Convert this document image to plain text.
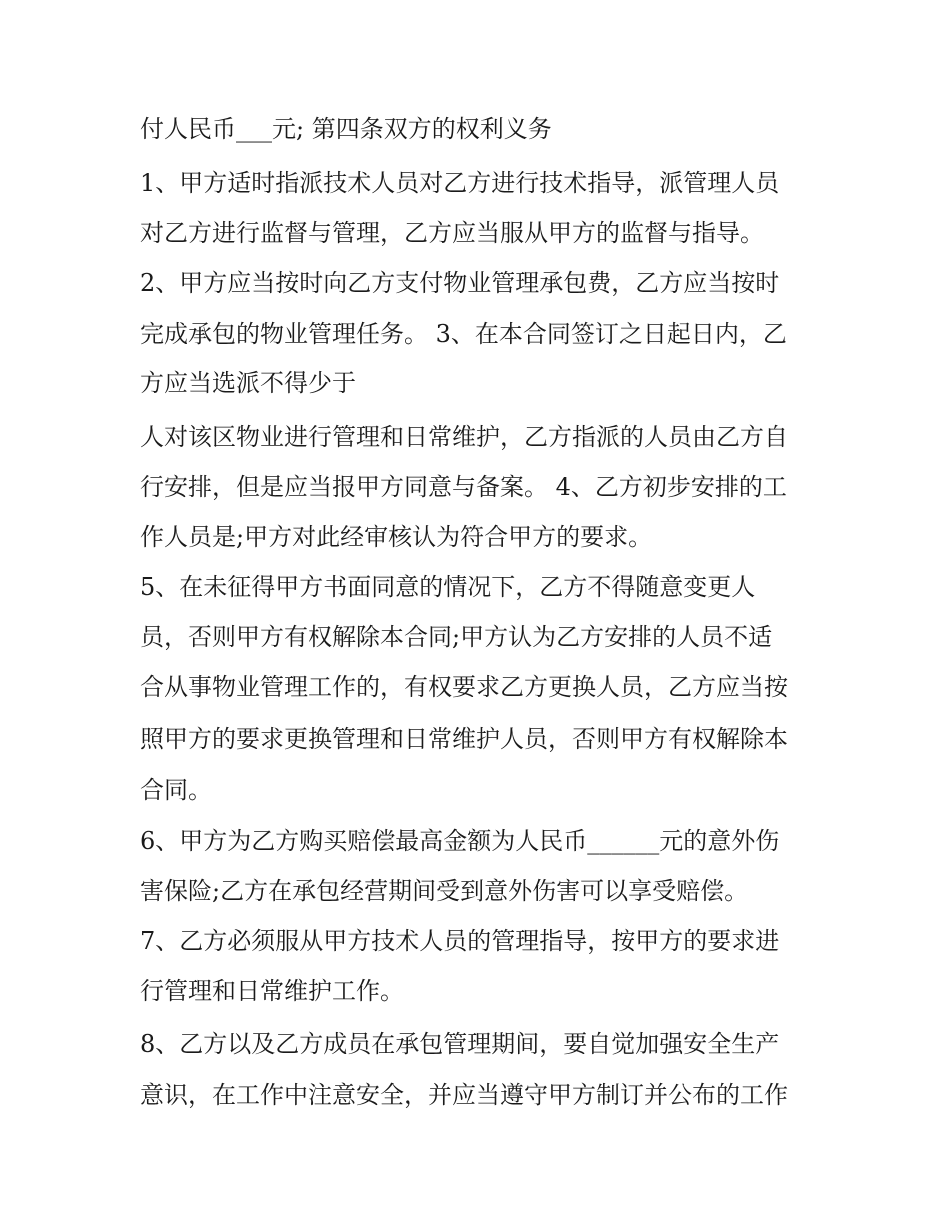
付人民币___元; 第四条双方的权利义务
1、甲方适时指派技术人员对乙方进行技术指导，派管理人员
对乙方进行监督与管理，乙方应当服从甲方的监督与指导。
2、甲方应当按时向乙方支付物业管理承包费，乙方应当按时
完成承包的物业管理任务。 3、在本合同签订之日起日内，乙
方应当选派不得少于
人对该区物业进行管理和日常维护，乙方指派的人员由乙方自
行安排，但是应当报甲方同意与备案。 4、乙方初步安排的工
作人员是;甲方对此经审核认为符合甲方的要求。
5、在未征得甲方书面同意的情况下，乙方不得随意变更人
员，否则甲方有权解除本合同;甲方认为乙方安排的人员不适
合从事物业管理工作的，有权要求乙方更换人员，乙方应当按
照甲方的要求更换管理和日常维护人员，否则甲方有权解除本
合同。
6、甲方为乙方购买赔偿最高金额为人民币______元的意外伤
害保险;乙方在承包经营期间受到意外伤害可以享受赔偿。
7、乙方必须服从甲方技术人员的管理指导，按甲方的要求进
行管理和日常维护工作。
8、乙方以及乙方成员在承包管理期间，要自觉加强安全生产
意识，在工作中注意安全，并应当遵守甲方制订并公布的工作
